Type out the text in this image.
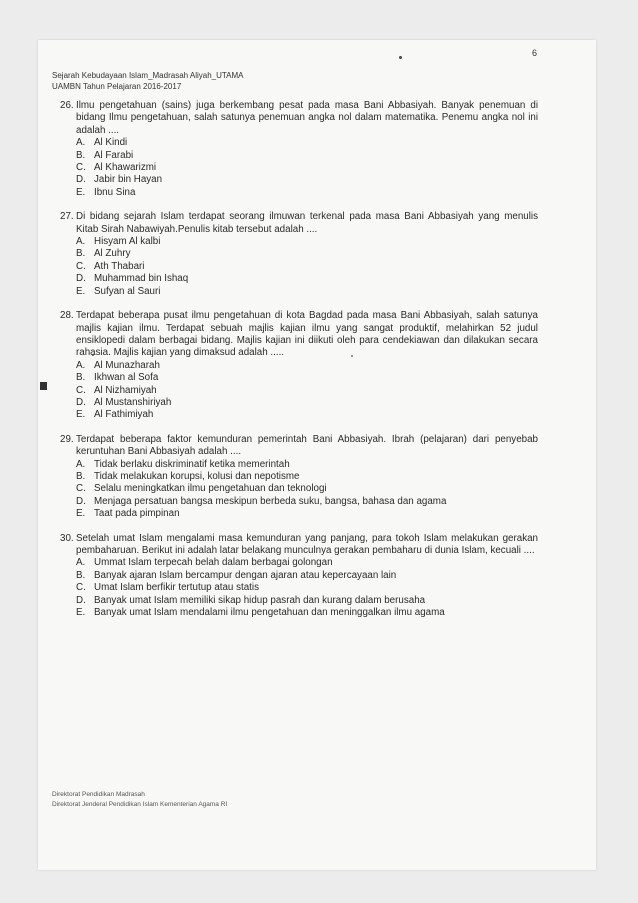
6
Sejarah Kebudayaan Islam_Madrasah Aliyah_UTAMA
UAMBN Tahun Pelajaran 2016-2017
26. Ilmu pengetahuan (sains) juga berkembang pesat pada masa Bani Abbasiyah. Banyak penemuan di bidang Ilmu pengetahuan, salah satunya penemuan angka nol dalam matematika. Penemu angka nol ini adalah ....
A. Al Kindi
B. Al Farabi
C. Al Khawarizmi
D. Jabir bin Hayan
E. Ibnu Sina
27. Di bidang sejarah Islam terdapat seorang ilmuwan terkenal pada masa Bani Abbasiyah yang menulis Kitab Sirah Nabawiyah.Penulis kitab tersebut adalah ....
A. Hisyam Al kalbi
B. Al Zuhry
C. Ath Thabari
D. Muhammad bin Ishaq
E. Sufyan al Sauri
28. Terdapat beberapa pusat ilmu pengetahuan di kota Bagdad pada masa Bani Abbasiyah, salah satunya majlis kajian ilmu. Terdapat sebuah majlis kajian ilmu yang sangat produktif, melahirkan 52 judul ensiklopedi dalam berbagai bidang. Majlis kajian ini diikuti oleh para cendekiawan dan dilakukan secara rahasia. Majlis kajian yang dimaksud adalah .....
A. Al Munazharah
B. Ikhwan al Sofa
C. Al Nizhamiyah
D. Al Mustanshiriyah
E. Al Fathimiyah
29. Terdapat beberapa faktor kemunduran pemerintah Bani Abbasiyah. Ibrah (pelajaran) dari penyebab keruntuhan Bani Abbasiyah adalah ....
A. Tidak berlaku diskriminatif ketika memerintah
B. Tidak melakukan korupsi, kolusi dan nepotisme
C. Selalu meningkatkan ilmu pengetahuan dan teknologi
D. Menjaga persatuan bangsa meskipun berbeda suku, bangsa, bahasa dan agama
E. Taat pada pimpinan
30. Setelah umat Islam mengalami masa kemunduran yang panjang, para tokoh Islam melakukan gerakan pembaharuan. Berikut ini adalah latar belakang munculnya gerakan pembaharu di dunia Islam, kecuali ....
A. Ummat Islam terpecah belah dalam berbagai golongan
B. Banyak ajaran Islam bercampur dengan ajaran atau kepercayaan lain
C. Umat Islam berfikir tertutup atau statis
D. Banyak umat Islam memiliki sikap hidup pasrah dan kurang dalam berusaha
E. Banyak umat Islam mendalami ilmu pengetahuan dan meninggalkan ilmu agama
Direktorat Pendidikan Madrasah
Direktorat Jenderal Pendidikan Islam Kementerian Agama RI
